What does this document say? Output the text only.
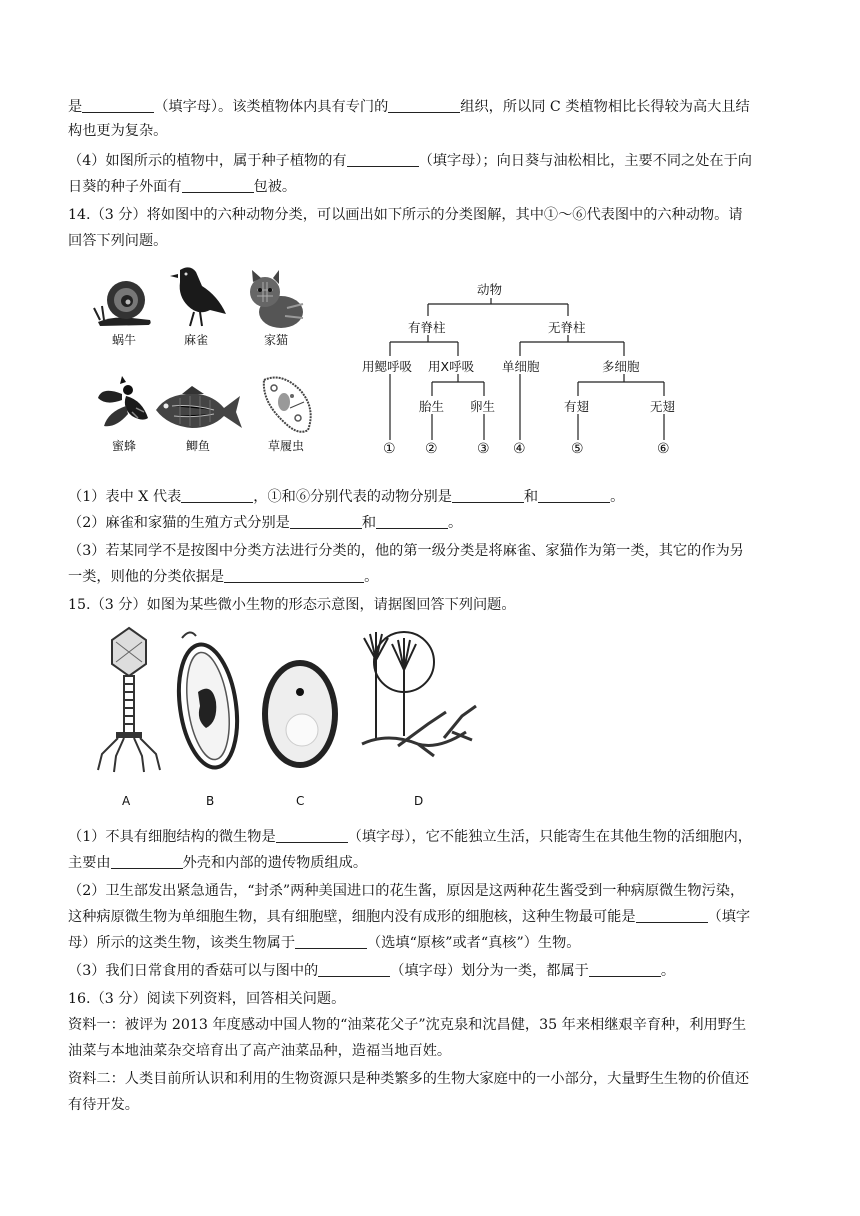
是	（填字母）。该类植物体内具有专门的	组织，所以同 C 类植物相比长得较为高大且结
构也更为复杂。
（4）如图所示的植物中，属于种子植物的有	（填字母）；向日葵与油松相比，主要不同之处在于向
日葵的种子外面有	包被。
14.（3 分）将如图中的六种动物分类，可以画出如下所示的分类图解，其中①～⑥代表图中的六种动物。请
回答下列问题。
蜗牛	麻雀	家猫
蜜蜂	鲫鱼	草履虫
动物
有脊柱	无脊柱
用鳃呼吸 用X呼吸 单细胞	多细胞
胎生 卵生	有翅	无翅
① ②	③ ④	⑤	⑥
（1）表中 X 代表	，①和⑥分别代表的动物分别是	和	。
（2）麻雀和家猫的生殖方式分别是	和	。
（3）若某同学不是按图中分类方法进行分类的，他的第一级分类是将麻雀、家猫作为第一类，其它的作为另
一类，则他的分类依据是	。
15.（3 分）如图为某些微小生物的形态示意图，请据图回答下列问题。
A	B	C	D
（1）不具有细胞结构的微生物是	（填字母），它不能独立生活，只能寄生在其他生物的活细胞内，
主要由	外壳和内部的遗传物质组成。
（2）卫生部发出紧急通告，“封杀”两种美国进口的花生酱，原因是这两种花生酱受到一种病原微生物污染，
这种病原微生物为单细胞生物，具有细胞壁，细胞内没有成形的细胞核，这种生物最可能是	（填字
母）所示的这类生物，该类生物属于	（选填“原核”或者“真核”）生物。
（3）我们日常食用的香菇可以与图中的	（填字母）划分为一类，都属于	。
16.（3 分）阅读下列资料，回答相关问题。
资料一：被评为 2013 年度感动中国人物的“油菜花父子”沈克泉和沈昌健，35 年来相继艰辛育种，利用野生
油菜与本地油菜杂交培育出了高产油菜品种，造福当地百姓。
资料二：人类目前所认识和利用的生物资源只是种类繁多的生物大家庭中的一小部分，大量野生生物的价值还
有待开发。
